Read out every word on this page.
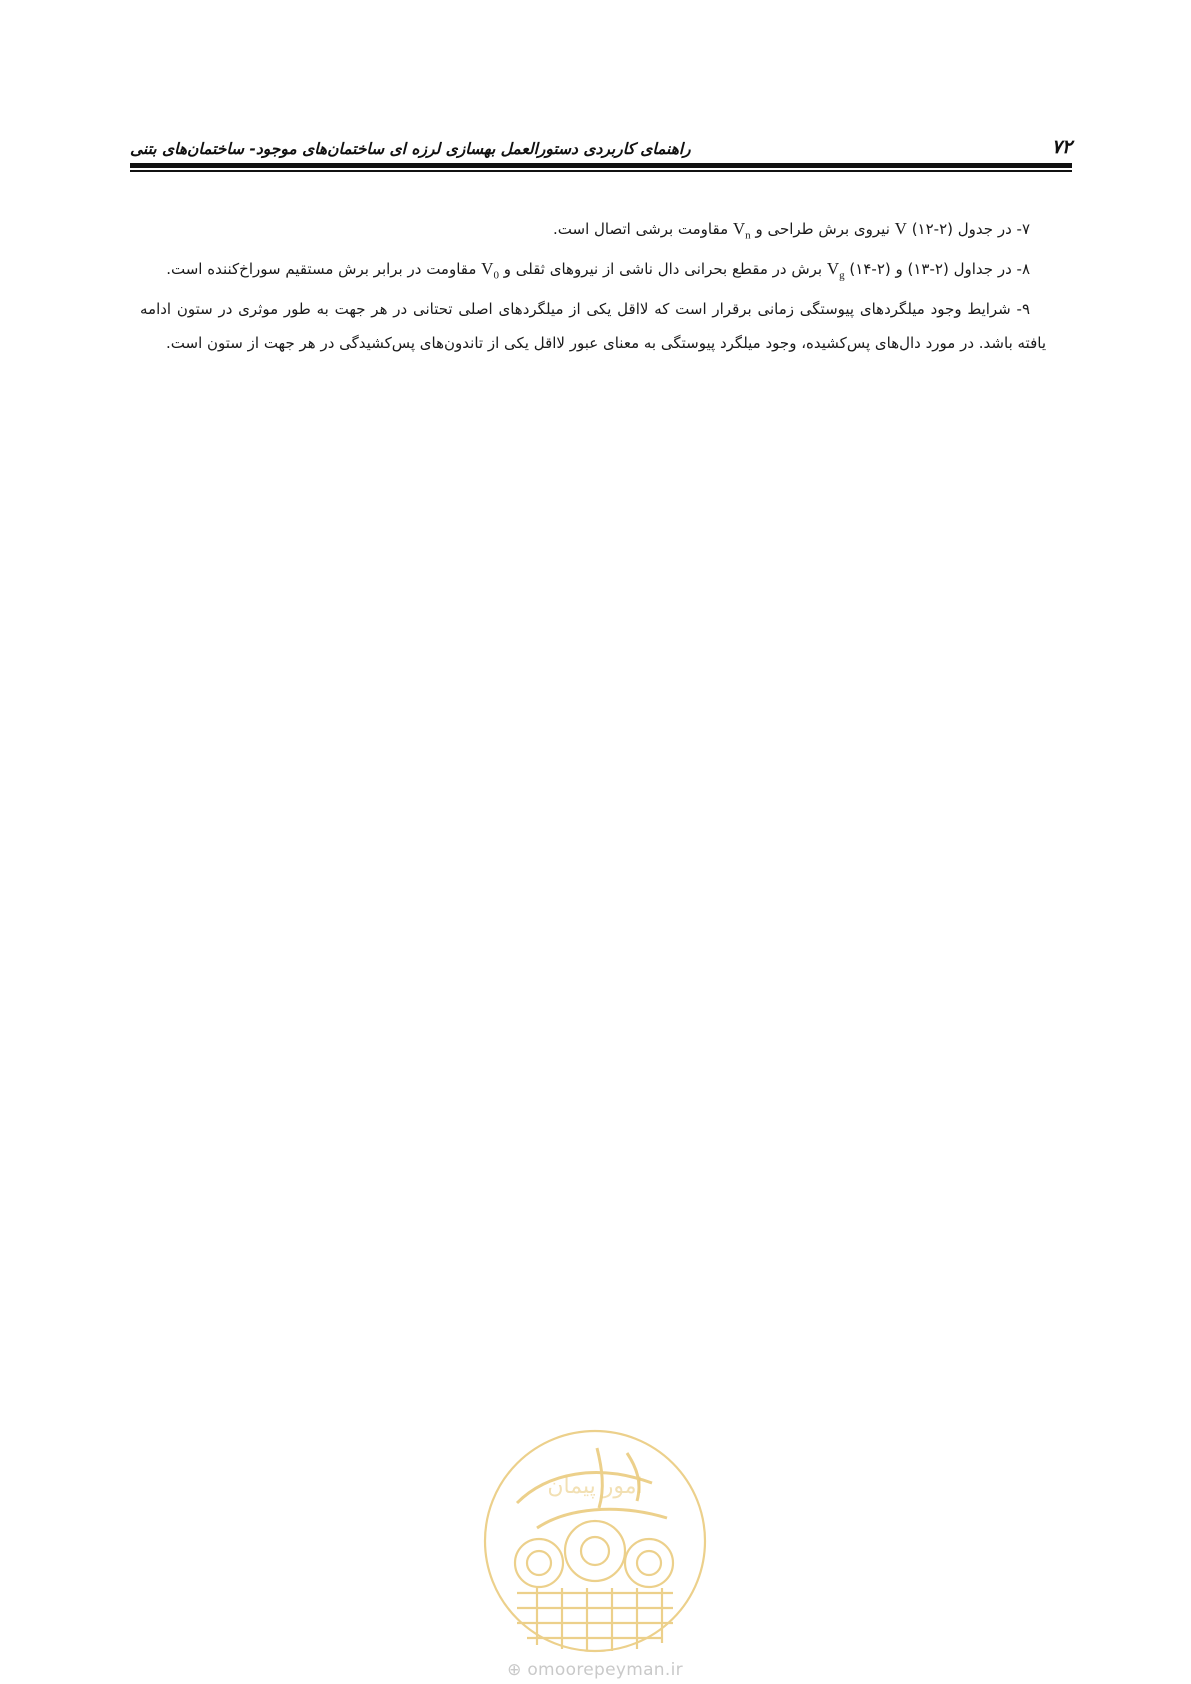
۷۲
راهنمای کاربردی دستورالعمل بهسازی لرزه ای ساختمان‌های موجود- ساختمان‌های بتنی

۷- در جدول (۲-۱۲) V نیروی برش طراحی و $V_n$ مقاومت برشی اتصال است.

۸- در جداول (۲-۱۳) و (۲-۱۴) $V_g$ برش در مقطع بحرانی دال ناشی از نیروهای ثقلی و $V_0$ مقاومت در برابر برش مستقیم سوراخ‌کننده است.

۹- شرایط وجود میلگردهای پیوستگی زمانی برقرار است که لااقل یکی از میلگردهای اصلی تحتانی در هر جهت به طور موثری در ستون ادامه یافته باشد. در مورد دال‌های پس‌کشیده، وجود میلگرد پیوستگی به معنای عبور لااقل یکی از تاندون‌های پس‌کشیدگی در هر جهت از ستون است.

امور پیمان
⊕ omoorepeyman.ir
